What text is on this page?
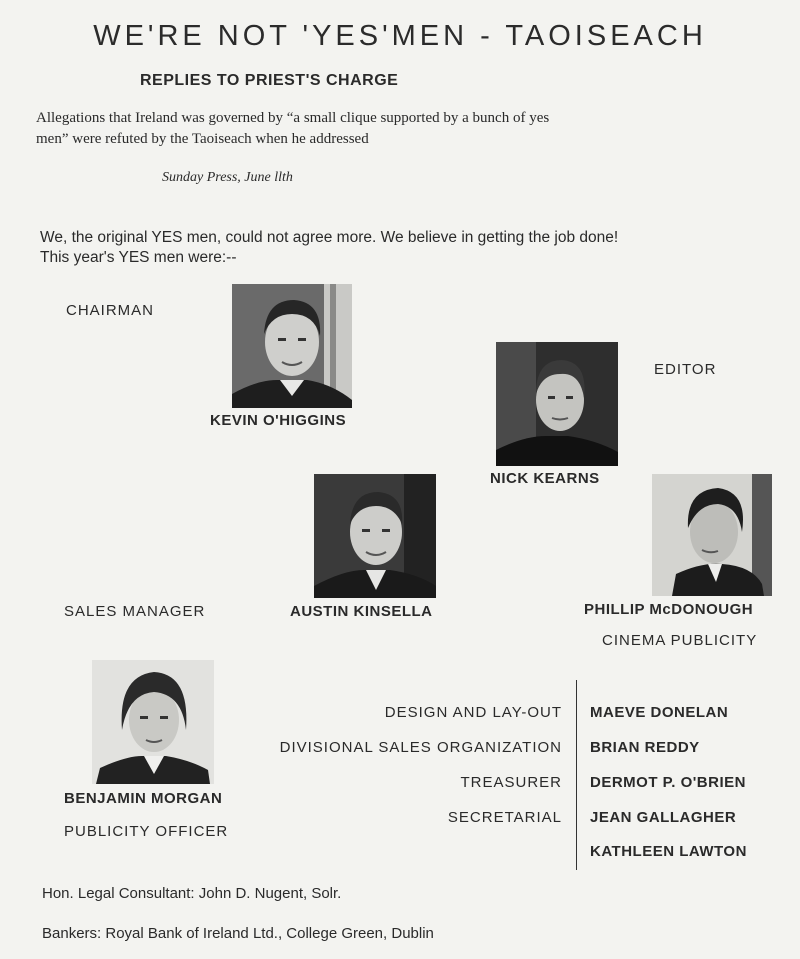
WE'RE NOT 'YES'MEN - TAOISEACH
REPLIES TO PRIEST'S CHARGE
Allegations that Ireland was governed by “a small clique supported by a bunch of yes men” were refuted by the Taoiseach when he addressed
Sunday Press, June llth
We, the original YES men, could not agree more. We believe in getting the job done!
This year's YES men were:--
CHAIRMAN
KEVIN O'HIGGINS
EDITOR
NICK KEARNS
SALES MANAGER	AUSTIN KINSELLA	PHILLIP McDONOUGH
CINEMA PUBLICITY
BENJAMIN MORGAN
PUBLICITY OFFICER
DESIGN AND LAY-OUT MAEVE DONELAN
DIVISIONAL SALES ORGANIZATION BRIAN REDDY
TREASURER DERMOT P. O'BRIEN
SECRETARIAL JEAN GALLAGHER
KATHLEEN LAWTON
Hon. Legal Consultant: John D. Nugent, Solr.
Bankers: Royal Bank of Ireland Ltd., College Green, Dublin
